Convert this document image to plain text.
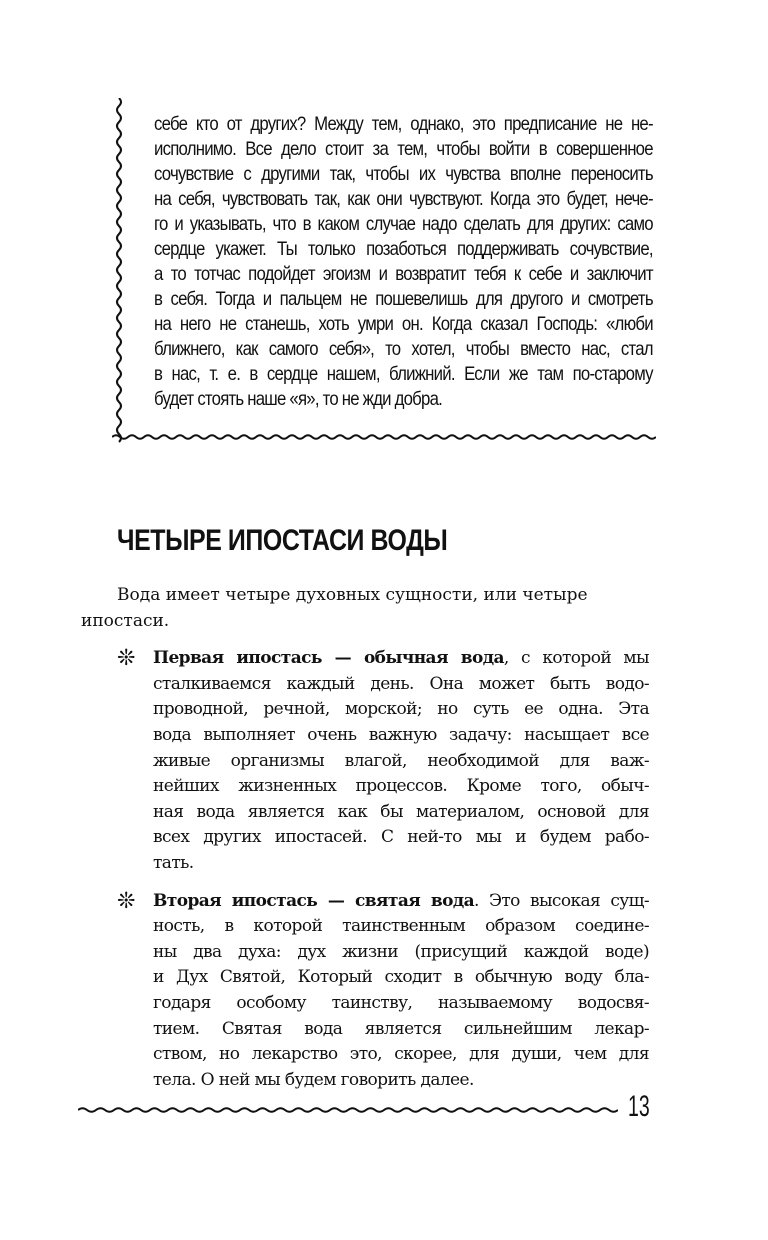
себе кто от других? Между тем, однако, это предписание не не-
исполнимо. Все дело стоит за тем, чтобы войти в совершенное
сочувствие с другими так, чтобы их чувства вполне переносить
на себя, чувствовать так, как они чувствуют. Когда это будет, нече-
го и указывать, что в каком случае надо сделать для других: само
сердце укажет. Ты только позаботься поддерживать сочувствие,
а то тотчас подойдет эгоизм и возвратит тебя к себе и заключит
в себя. Тогда и пальцем не пошевелишь для другого и смотреть
на него не станешь, хоть умри он. Когда сказал Господь: «люби
ближнего, как самого себя», то хотел, чтобы вместо нас, стал
в нас, т. е. в сердце нашем, ближний. Если же там по-старому
будет стоять наше «я», то не жди добра.
ЧЕТЫРЕ ИПОСТАСИ ВОДЫ
Вода имеет четыре духовных сущности, или четыре
ипостаси.
❊ Первая ипостась — обычная вода, с которой мы
сталкиваемся каждый день. Она может быть водо-
проводной, речной, морской; но суть ее одна. Эта
вода выполняет очень важную задачу: насыщает все
живые организмы влагой, необходимой для важ-
нейших жизненных процессов. Кроме того, обыч-
ная вода является как бы материалом, основой для
всех других ипостасей. С ней-то мы и будем рабо-
тать.
❊ Вторая ипостась — святая вода. Это высокая сущ-
ность, в которой таинственным образом соедине-
ны два духа: дух жизни (присущий каждой воде)
и Дух Святой, Который сходит в обычную воду бла-
годаря особому таинству, называемому водосвя-
тием. Святая вода является сильнейшим лекар-
ством, но лекарство это, скорее, для души, чем для
тела. О ней мы будем говорить далее.
13
